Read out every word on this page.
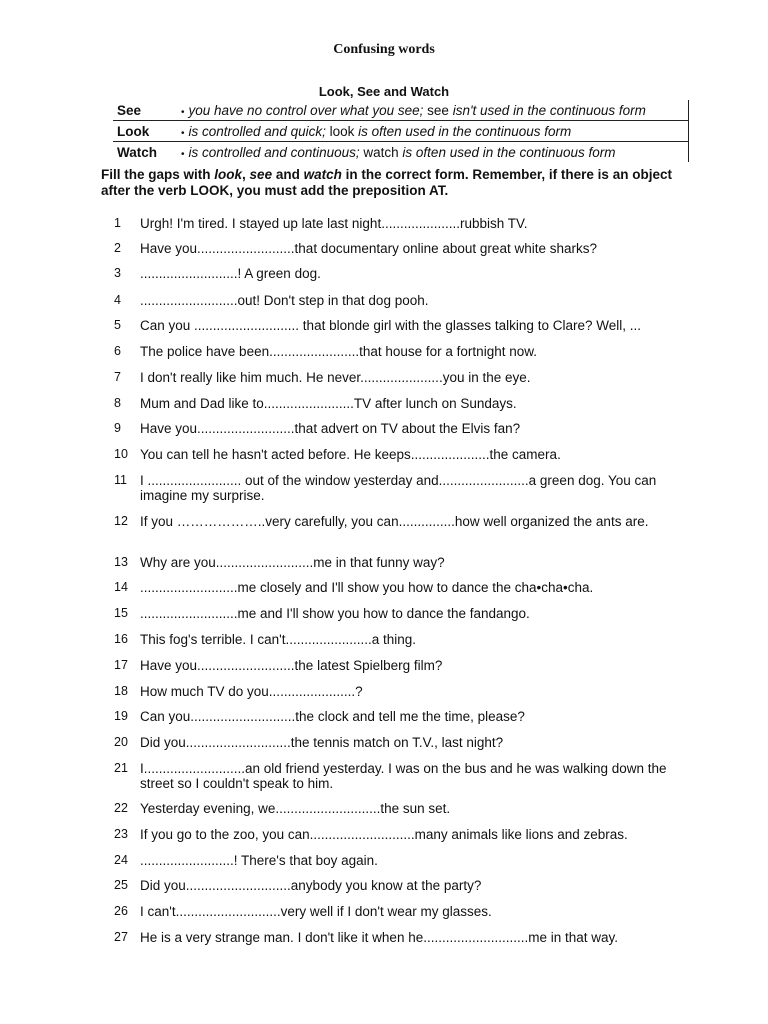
Confusing words
Look, See and Watch
See	• you have no control over what you see; see isn't used in the continuous form
Look	• is controlled and quick; look is often used in the continuous form
Watch	• is controlled and continuous; watch is often used in the continuous form
Fill the gaps with look, see and watch in the correct form. Remember, if there is an object after the verb LOOK, you must add the preposition AT.
1	Urgh! I'm tired. I stayed up late last night.....................rubbish TV.
2	Have you..........................that documentary online about great white sharks?
3	..........................! A green dog.
4	..........................out! Don't step in that dog pooh.
5	Can you ............................ that blonde girl with the glasses talking to Clare? Well, ...
6	The police have been........................that house for a fortnight now.
7	I don't really like him much. He never......................you in the eye.
8	Mum and Dad like to........................TV after lunch on Sundays.
9	Have you..........................that advert on TV about the Elvis fan?
10 You can tell he hasn't acted before. He keeps.....................the camera.
11 I ......................... out of the window yesterday and........................a green dog. You can imagine my surprise.
12 If you ………………..very carefully, you can...............how well organized the ants are.
13 Why are you..........................me in that funny way?
14 ..........................me closely and I'll show you how to dance the cha•cha•cha.
15 ..........................me and I'll show you how to dance the fandango.
16 This fog's terrible. I can't.......................a thing.
17 Have you..........................the latest Spielberg film?
18 How much TV do you.......................?
19 Can you............................the clock and tell me the time, please?
20 Did you............................the tennis match on T.V., last night?
21 I...........................an old friend yesterday. I was on the bus and he was walking down the street so I couldn't speak to him.
22 Yesterday evening, we............................the sun set.
23 If you go to the zoo, you can............................many animals like lions and zebras.
24 .........................! There's that boy again.
25 Did you............................anybody you know at the party?
26 I can't............................very well if I don't wear my glasses.
27 He is a very strange man. I don't like it when he............................me in that way.
